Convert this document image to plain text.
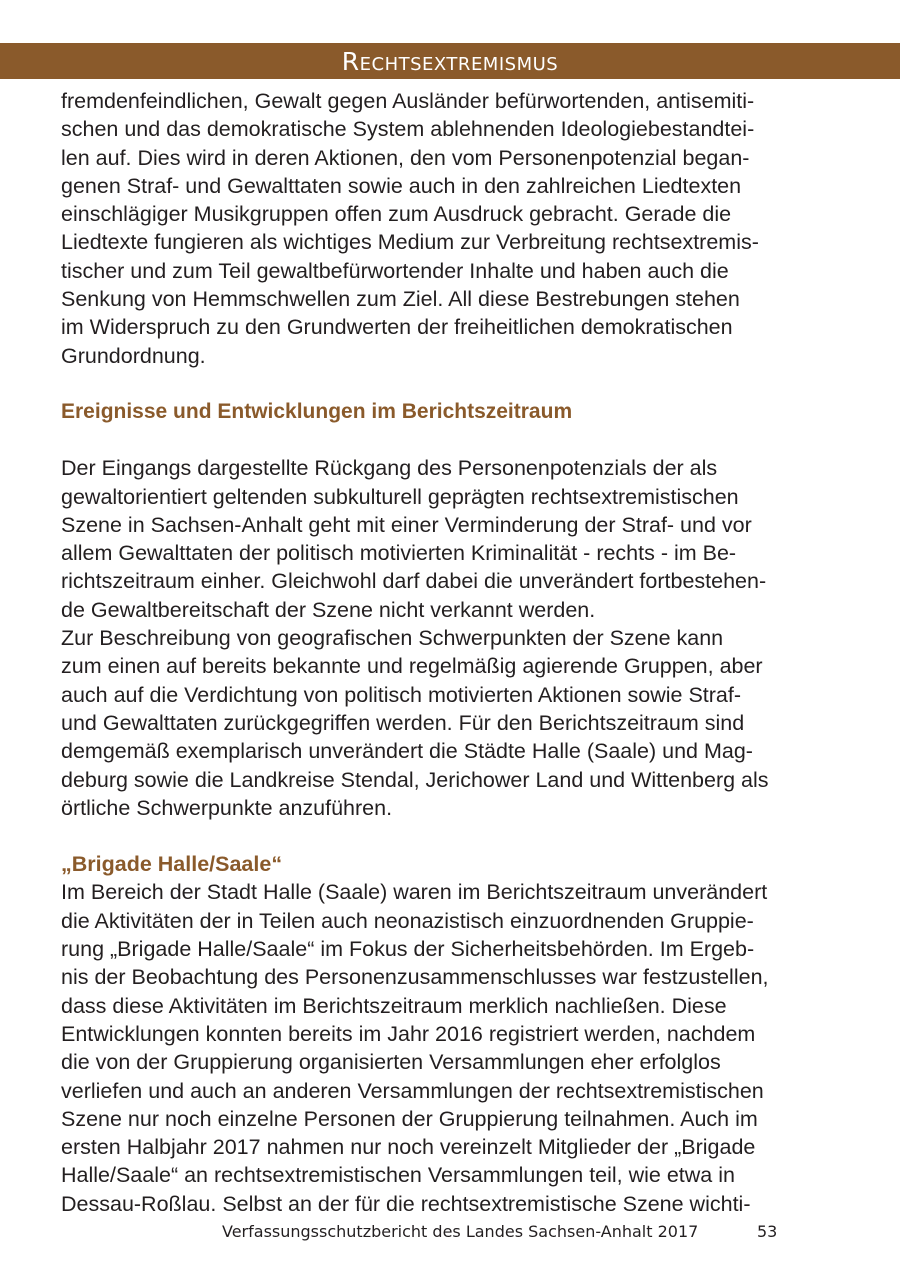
Rechtsextremismus

fremdenfeindlichen, Gewalt gegen Ausländer befürwortenden, antisemiti-
schen und das demokratische System ablehnenden Ideologiebestandtei-
len auf. Dies wird in deren Aktionen, den vom Personenpotenzial began-
genen Straf- und Gewalttaten sowie auch in den zahlreichen Liedtexten
einschlägiger Musikgruppen offen zum Ausdruck gebracht. Gerade die
Liedtexte fungieren als wichtiges Medium zur Verbreitung rechtsextremis-
tischer und zum Teil gewaltbefürwortender Inhalte und haben auch die
Senkung von Hemmschwellen zum Ziel. All diese Bestrebungen stehen
im Widerspruch zu den Grundwerten der freiheitlichen demokratischen
Grundordnung.

Ereignisse und Entwicklungen im Berichtszeitraum

Der Eingangs dargestellte Rückgang des Personenpotenzials der als
gewaltorientiert geltenden subkulturell geprägten rechtsextremistischen
Szene in Sachsen-Anhalt geht mit einer Verminderung der Straf- und vor
allem Gewalttaten der politisch motivierten Kriminalität - rechts - im Be-
richtszeitraum einher. Gleichwohl darf dabei die unverändert fortbestehen-
de Gewaltbereitschaft der Szene nicht verkannt werden.

Zur Beschreibung von geografischen Schwerpunkten der Szene kann
zum einen auf bereits bekannte und regelmäßig agierende Gruppen, aber
auch auf die Verdichtung von politisch motivierten Aktionen sowie Straf-
und Gewalttaten zurückgegriffen werden. Für den Berichtszeitraum sind
demgemäß exemplarisch unverändert die Städte Halle (Saale) und Mag-
deburg sowie die Landkreise Stendal, Jerichower Land und Wittenberg als
örtliche Schwerpunkte anzuführen.

„Brigade Halle/Saale“

Im Bereich der Stadt Halle (Saale) waren im Berichtszeitraum unverändert
die Aktivitäten der in Teilen auch neonazistisch einzuordnenden Gruppie-
rung „Brigade Halle/Saale“ im Fokus der Sicherheitsbehörden. Im Ergeb-
nis der Beobachtung des Personenzusammenschlusses war festzustellen,
dass diese Aktivitäten im Berichtszeitraum merklich nachließen. Diese
Entwicklungen konnten bereits im Jahr 2016 registriert werden, nachdem
die von der Gruppierung organisierten Versammlungen eher erfolglos
verliefen und auch an anderen Versammlungen der rechtsextremistischen
Szene nur noch einzelne Personen der Gruppierung teilnahmen. Auch im
ersten Halbjahr 2017 nahmen nur noch vereinzelt Mitglieder der „Brigade
Halle/Saale“ an rechtsextremistischen Versammlungen teil, wie etwa in
Dessau-Roßlau. Selbst an der für die rechtsextremistische Szene wichti-

Verfassungsschutzbericht des Landes Sachsen-Anhalt 2017	53
